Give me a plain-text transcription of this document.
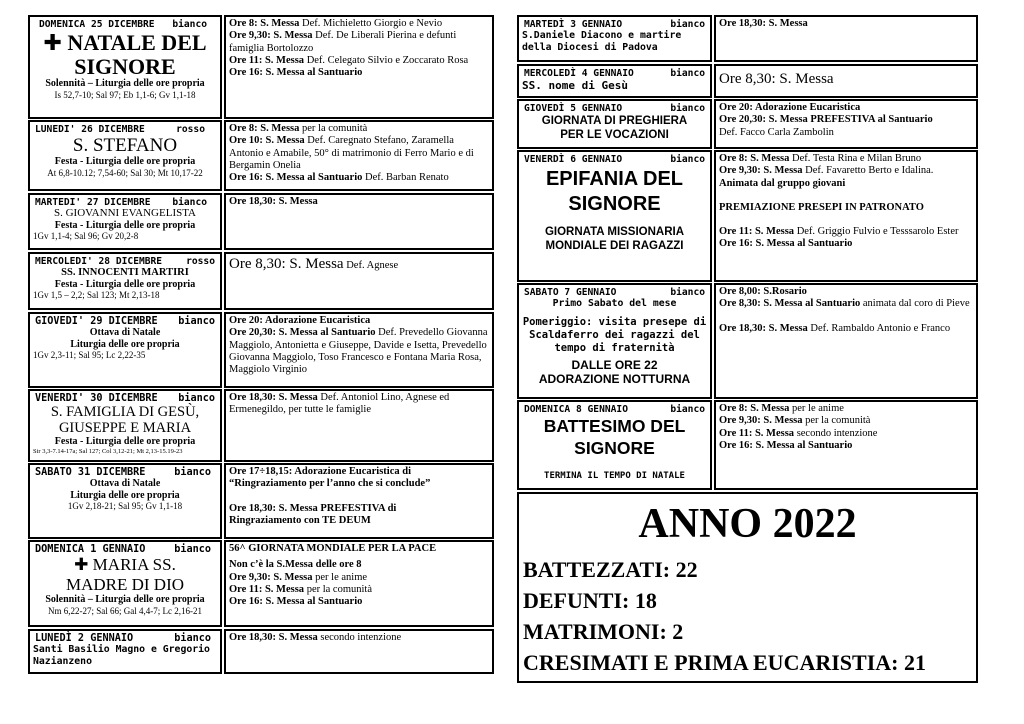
DOMENICA 25 DICEMBRE bianco
✚ NATALE DEL
SIGNORE
Solennità – Liturgia delle ore propria
Is 52,7-10; Sal 97; Eb 1,1-6; Gv 1,1-18
Ore 8: S. Messa Def. Michieletto Giorgio e Nevio
Ore 9,30: S. Messa Def. De Liberali Pierina e defunti famiglia Bortolozzo
Ore 11: S. Messa Def. Celegato Silvio e Zoccarato Rosa
Ore 16: S. Messa al Santuario
LUNEDI' 26 DICEMBRE	rosso
S. STEFANO
Festa - Liturgia delle ore propria
At 6,8-10.12; 7,54-60; Sal 30; Mt 10,17-22
Ore 8: S. Messa per la comunità
Ore 10: S. Messa Def. Caregnato Stefano, Zaramella Antonio e Amabile, 50° di matrimonio di Ferro Mario e di Bergamin Onelia
Ore 16: S. Messa al Santuario Def. Barban Renato
MARTEDI' 27 DICEMBRE bianco
S. GIOVANNI EVANGELISTA
Festa - Liturgia delle ore propria
1Gv 1,1-4; Sal 96; Gv 20,2-8
Ore 18,30: S. Messa
MERCOLEDI' 28 DICEMBRE	rosso
SS. INNOCENTI MARTIRI
Festa - Liturgia delle ore propria
1Gv 1,5 – 2,2; Sal 123; Mt 2,13-18
Ore 8,30: S. Messa Def. Agnese
GIOVEDI' 29 DICEMBRE bianco
Ottava di Natale
Liturgia delle ore propria
1Gv 2,3-11; Sal 95; Lc 2,22-35
Ore 20: Adorazione Eucaristica
Ore 20,30: S. Messa al Santuario Def. Prevedello Giovanna Maggiolo, Antonietta e Giuseppe, Davide e Isetta, Prevedello Giovanna Maggiolo, Toso Francesco e Fontana Maria Rosa, Maggiolo Virginio
VENERDI' 30 DICEMBRE bianco
S. FAMIGLIA DI GESÙ,
GIUSEPPE E MARIA
Festa - Liturgia delle ore propria
Sir 3,3-7.14-17a; Sal 127; Col 3,12-21; Mt 2,13-15.19-23
Ore 18,30: S. Messa Def. Antoniol Lino, Agnese ed Ermenegildo, per tutte le famiglie
SABATO 31 DICEMBRE	bianco
Ottava di Natale
Liturgia delle ore propria
1Gv 2,18-21; Sal 95; Gv 1,1-18
Ore 17÷18,15: Adorazione Eucaristica di
“Ringraziamento per l’anno che si conclude”
Ore 18,30: S. Messa PREFESTIVA di
Ringraziamento con TE DEUM
DOMENICA 1 GENNAIO	bianco
✚ MARIA SS.
MADRE DI DIO
Solennità – Liturgia delle ore propria
Nm 6,22-27; Sal 66; Gal 4,4-7; Lc 2,16-21
56^ GIORNATA MONDIALE PER LA PACE
Non c’è la S.Messa delle ore 8
Ore 9,30: S. Messa per le anime
Ore 11: S. Messa per la comunità
Ore 16: S. Messa al Santuario
LUNEDÌ 2 GENNAIO	bianco
Santi Basilio Magno e Gregorio
Nazianzeno
Ore 18,30: S. Messa secondo intenzione
MARTEDÌ 3 GENNAIO	bianco
S.Daniele Diacono e martire
della Diocesi di Padova
Ore 18,30: S. Messa
MERCOLEDÌ 4 GENNAIO	bianco
SS. nome di Gesù	Ore 8,30: S. Messa
GIOVEDÌ 5 GENNAIO	bianco
GIORNATA DI PREGHIERA
PER LE VOCAZIONI
Ore 20: Adorazione Eucaristica
Ore 20,30: S. Messa PREFESTIVA al Santuario
Def. Facco Carla Zambolin
VENERDÌ 6 GENNAIO	bianco
EPIFANIA DEL
SIGNORE
GIORNATA MISSIONARIA
MONDIALE DEI RAGAZZI
Ore 8: S. Messa Def. Testa Rina e Milan Bruno
Ore 9,30: S. Messa Def. Favaretto Berto e Idalina.
Animata dal gruppo giovani
PREMIAZIONE PRESEPI IN PATRONATO
Ore 11: S. Messa Def. Griggio Fulvio e Tesssarolo Ester
Ore 16: S. Messa al Santuario
SABATO 7 GENNAIO	bianco
Primo Sabato del mese
Pomeriggio: visita presepe di
Scaldaferro dei ragazzi del
tempo di fraternità
DALLE ORE 22
ADORAZIONE NOTTURNA
Ore 8,00: S.Rosario
Ore 8,30: S. Messa al Santuario animata dal coro di Pieve
Ore 18,30: S. Messa Def. Rambaldo Antonio e Franco
DOMENICA 8 GENNAIO	bianco
BATTESIMO DEL
SIGNORE
TERMINA IL TEMPO DI NATALE
Ore 8: S. Messa per le anime
Ore 9,30: S. Messa per la comunità
Ore 11: S. Messa secondo intenzione
Ore 16: S. Messa al Santuario
ANNO 2022
BATTEZZATI: 22
DEFUNTI: 18
MATRIMONI: 2
CRESIMATI E PRIMA EUCARISTIA: 21
